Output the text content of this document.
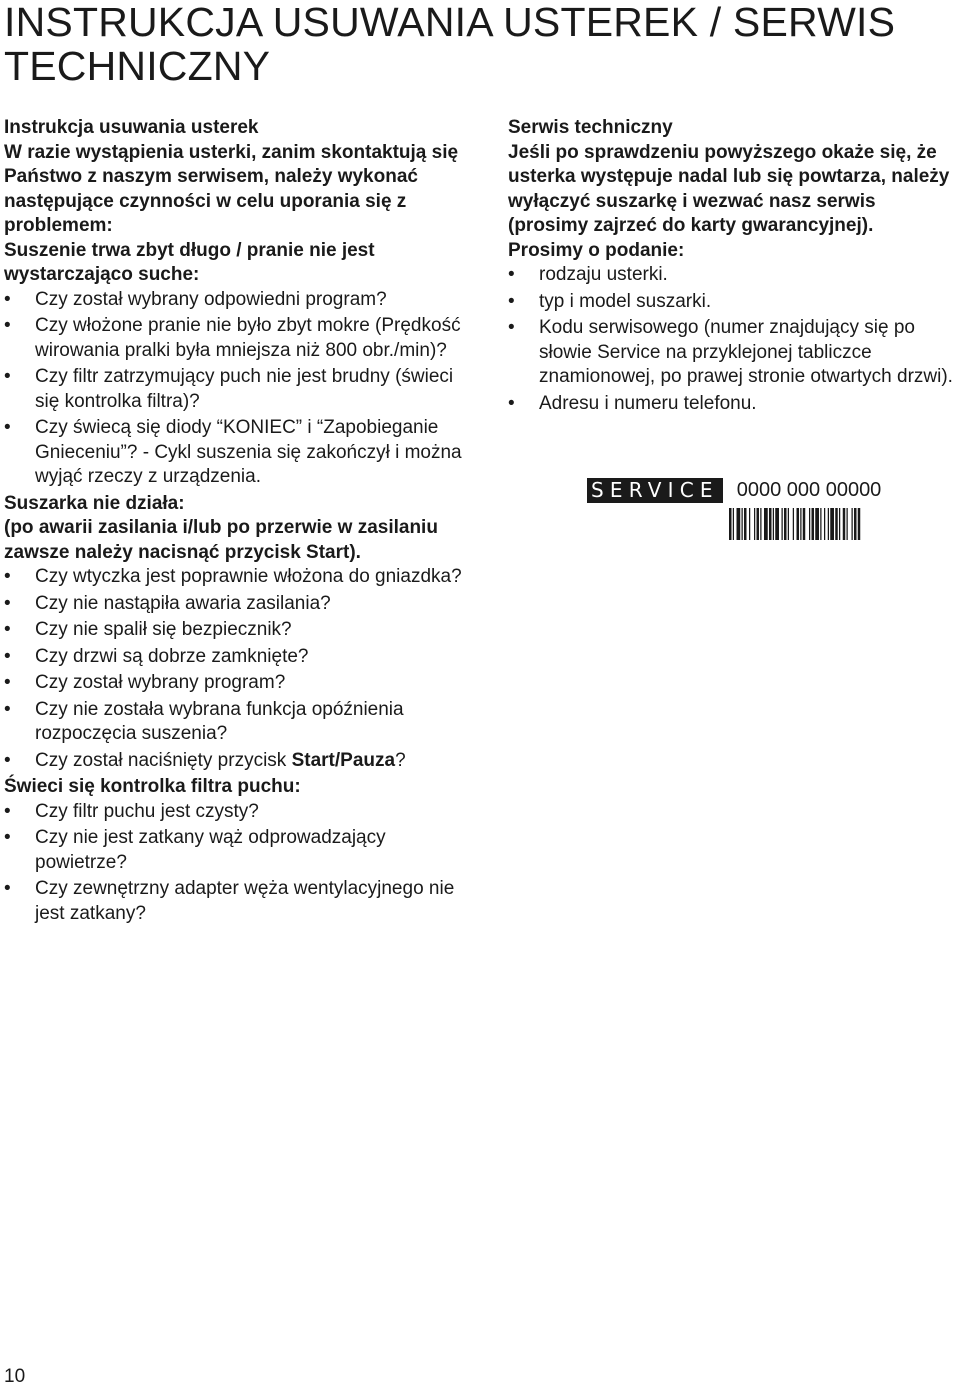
INSTRUKCJA USUWANIA USTEREK / SERWIS TECHNICZNY

Instrukcja usuwania usterek

W razie wystąpienia usterki, zanim skontaktują się Państwo z naszym serwisem, należy wykonać następujące czynności w celu uporania się z problemem:

Suszenie trwa zbyt długo / pranie nie jest wystarczająco suche:

• Czy został wybrany odpowiedni program?
• Czy włożone pranie nie było zbyt mokre (Prędkość wirowania pralki była mniejsza niż 800 obr./min)?
• Czy filtr zatrzymujący puch nie jest brudny (świeci się kontrolka filtra)?
• Czy świecą się diody “KONIEC” i “Zapobieganie Gnieceniu”? - Cykl suszenia się zakończył i można wyjąć rzeczy z urządzenia.

Suszarka nie działa:

(po awarii zasilania i/lub po przerwie w zasilaniu zawsze należy nacisnąć przycisk Start).

• Czy wtyczka jest poprawnie włożona do gniazdka?
• Czy nie nastąpiła awaria zasilania?
• Czy nie spalił się bezpiecznik?
• Czy drzwi są dobrze zamknięte?
• Czy został wybrany program?
• Czy nie została wybrana funkcja opóźnienia rozpoczęcia suszenia?
• Czy został naciśnięty przycisk Start/Pauza?

Świeci się kontrolka filtra puchu:

• Czy filtr puchu jest czysty?
• Czy nie jest zatkany wąż odprowadzający powietrze?
• Czy zewnętrzny adapter węża wentylacyjnego nie jest zatkany?

Serwis techniczny

Jeśli po sprawdzeniu powyższego okaże się, że usterka występuje nadal lub się powtarza, należy wyłączyć suszarkę i wezwać nasz serwis (prosimy zajrzeć do karty gwarancyjnej).

Prosimy o podanie:

• rodzaju usterki.
• typ i model suszarki.
• Kodu serwisowego (numer znajdujący się po słowie Service na przyklejonej tabliczce znamionowej, po prawej stronie otwartych drzwi).
• Adresu i numeru telefonu.
SERVICE 0000 000 00000
10
